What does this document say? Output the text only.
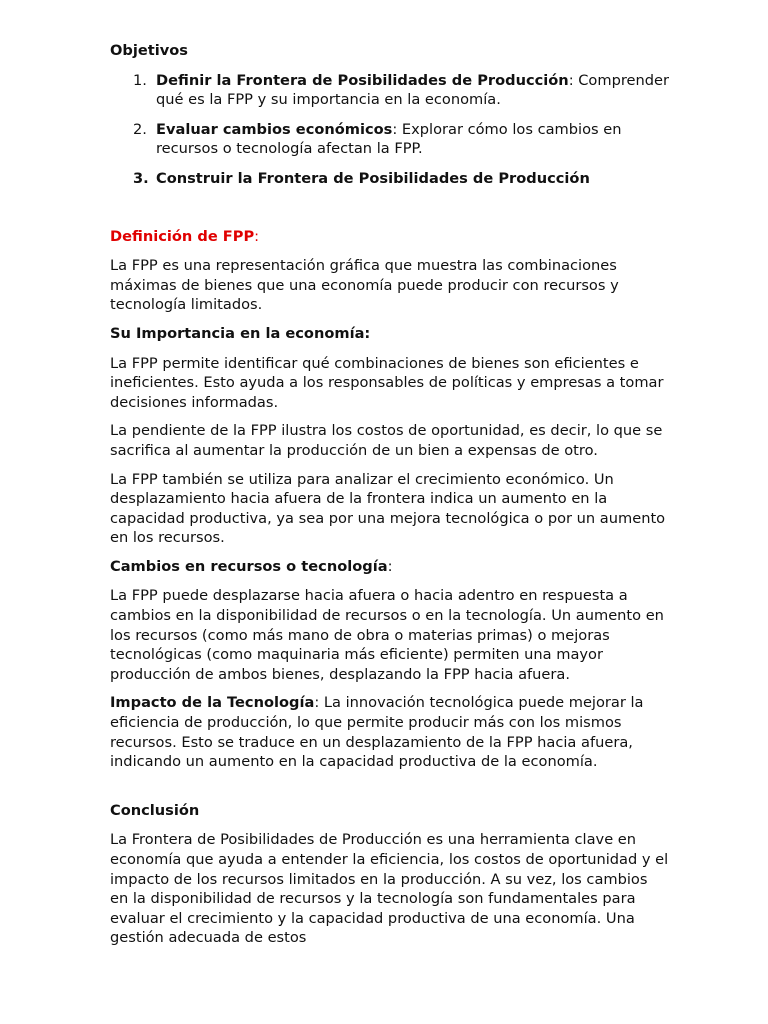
Objetivos

1. Definir la Frontera de Posibilidades de Producción: Comprender qué es la FPP y su importancia en la economía.
2. Evaluar cambios económicos: Explorar cómo los cambios en recursos o tecnología afectan la FPP.
3. Construir la Frontera de Posibilidades de Producción

Definición de FPP:

La FPP es una representación gráfica que muestra las combinaciones máximas de bienes que una economía puede producir con recursos y tecnología limitados.

Su Importancia en la economía:

La FPP permite identificar qué combinaciones de bienes son eficientes e ineficientes. Esto ayuda a los responsables de políticas y empresas a tomar decisiones informadas.

La pendiente de la FPP ilustra los costos de oportunidad, es decir, lo que se sacrifica al aumentar la producción de un bien a expensas de otro.

La FPP también se utiliza para analizar el crecimiento económico. Un desplazamiento hacia afuera de la frontera indica un aumento en la capacidad productiva, ya sea por una mejora tecnológica o por un aumento en los recursos.

Cambios en recursos o tecnología:

La FPP puede desplazarse hacia afuera o hacia adentro en respuesta a cambios en la disponibilidad de recursos o en la tecnología. Un aumento en los recursos (como más mano de obra o materias primas) o mejoras tecnológicas (como maquinaria más eficiente) permiten una mayor producción de ambos bienes, desplazando la FPP hacia afuera.

Impacto de la Tecnología: La innovación tecnológica puede mejorar la eficiencia de producción, lo que permite producir más con los mismos recursos. Esto se traduce en un desplazamiento de la FPP hacia afuera, indicando un aumento en la capacidad productiva de la economía.

Conclusión

La Frontera de Posibilidades de Producción es una herramienta clave en economía que ayuda a entender la eficiencia, los costos de oportunidad y el impacto de los recursos limitados en la producción. A su vez, los cambios en la disponibilidad de recursos y la tecnología son fundamentales para evaluar el crecimiento y la capacidad productiva de una economía. Una gestión adecuada de estos
